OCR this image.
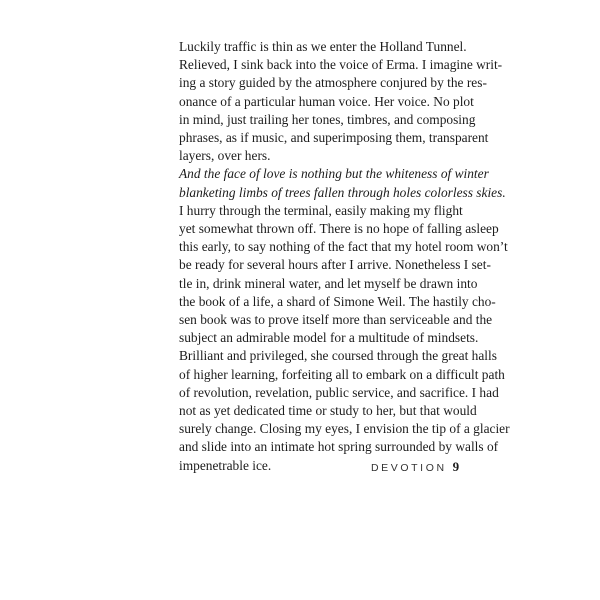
Luckily traffic is thin as we enter the Holland Tunnel.
Relieved, I sink back into the voice of Erma. I imagine writ-
ing a story guided by the atmosphere conjured by the res-
onance of a particular human voice. Her voice. No plot
in mind, just trailing her tones, timbres, and composing
phrases, as if music, and superimposing them, transparent
layers, over hers.
And the face of love is nothing but the whiteness of winter
blanketing limbs of trees fallen through holes colorless skies.
I hurry through the terminal, easily making my flight
yet somewhat thrown off. There is no hope of falling asleep
this early, to say nothing of the fact that my hotel room won’t
be ready for several hours after I arrive. Nonetheless I set-
tle in, drink mineral water, and let myself be drawn into
the book of a life, a shard of Simone Weil. The hastily cho-
sen book was to prove itself more than serviceable and the
subject an admirable model for a multitude of mindsets.
Brilliant and privileged, she coursed through the great halls
of higher learning, forfeiting all to embark on a difficult path
of revolution, revelation, public service, and sacrifice. I had
not as yet dedicated time or study to her, but that would
surely change. Closing my eyes, I envision the tip of a glacier
and slide into an intimate hot spring surrounded by walls of
impenetrable ice.	DEVOTION 9
